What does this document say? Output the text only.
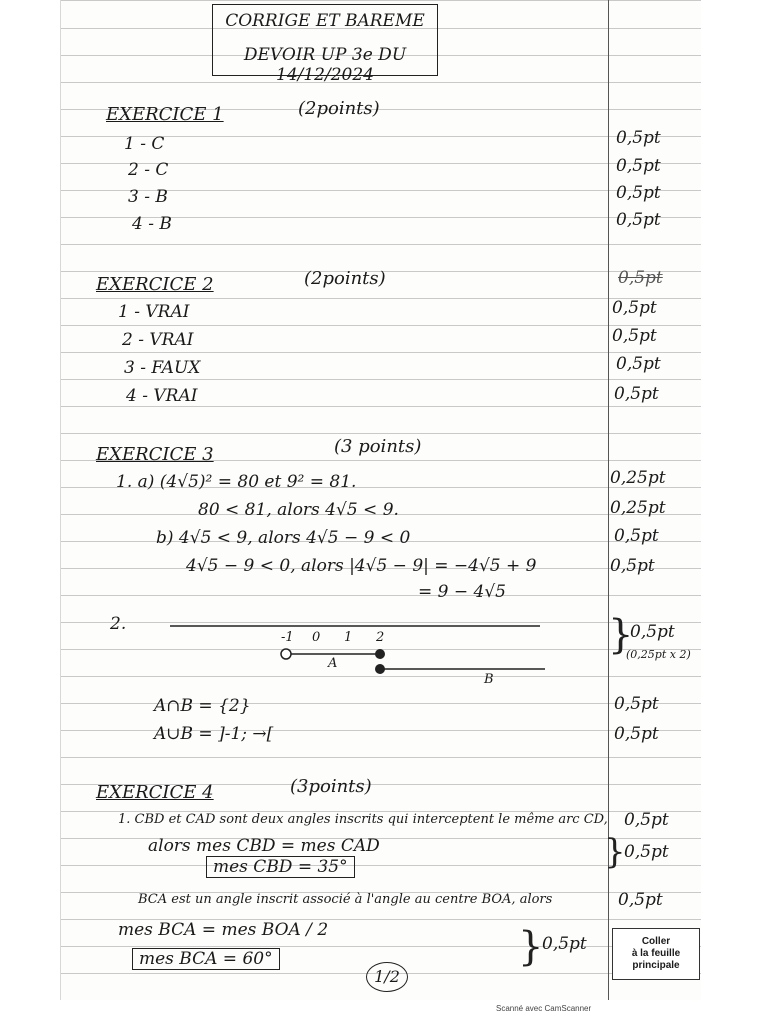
CORRIGE ET BAREME
DEVOIR UP 3e DU 14/12/2024
EXERCICE 1	(2points)
1 - C	0,5pt
2 - C	0,5pt
3 - B	0,5pt
4 - B	0,5pt
EXERCICE 2	(2points)	0,5pt
1 - VRAI	0,5pt
2 - VRAI	0,5pt
3 - FAUX	0,5pt
4 - VRAI	0,5pt
EXERCICE 3	(3 points)
1. a) (4√5)² = 80 et 9² = 81.	0,25pt
80 < 81, alors 4√5 < 9.	0,25pt
b) 4√5 < 9, alors 4√5 − 9 < 0	0,5pt
4√5 − 9 < 0, alors |4√5 − 9| = −4√5 + 9	0,5pt
= 9 − 4√5
2.
-1 0 1 2
A
B
}
0,5pt
(0,25pt x 2)
A∩B = {2}	0,5pt
A∪B = ]-1; →[	0,5pt
EXERCICE 4	(3points)
1. CBD et CAD sont deux angles inscrits qui interceptent le même arc CD, 0,5pt
alors mes CBD = mes CAD
mes CBD = 35°	}
0,5pt
BCA est un angle inscrit associé à l'angle au centre BOA, alors	0,5pt
mes BCA = mes BOA / 2
mes BCA = 60°	}
0,5pt	Coller
à la feuille
principale
1/2
Scanné avec CamScanner
